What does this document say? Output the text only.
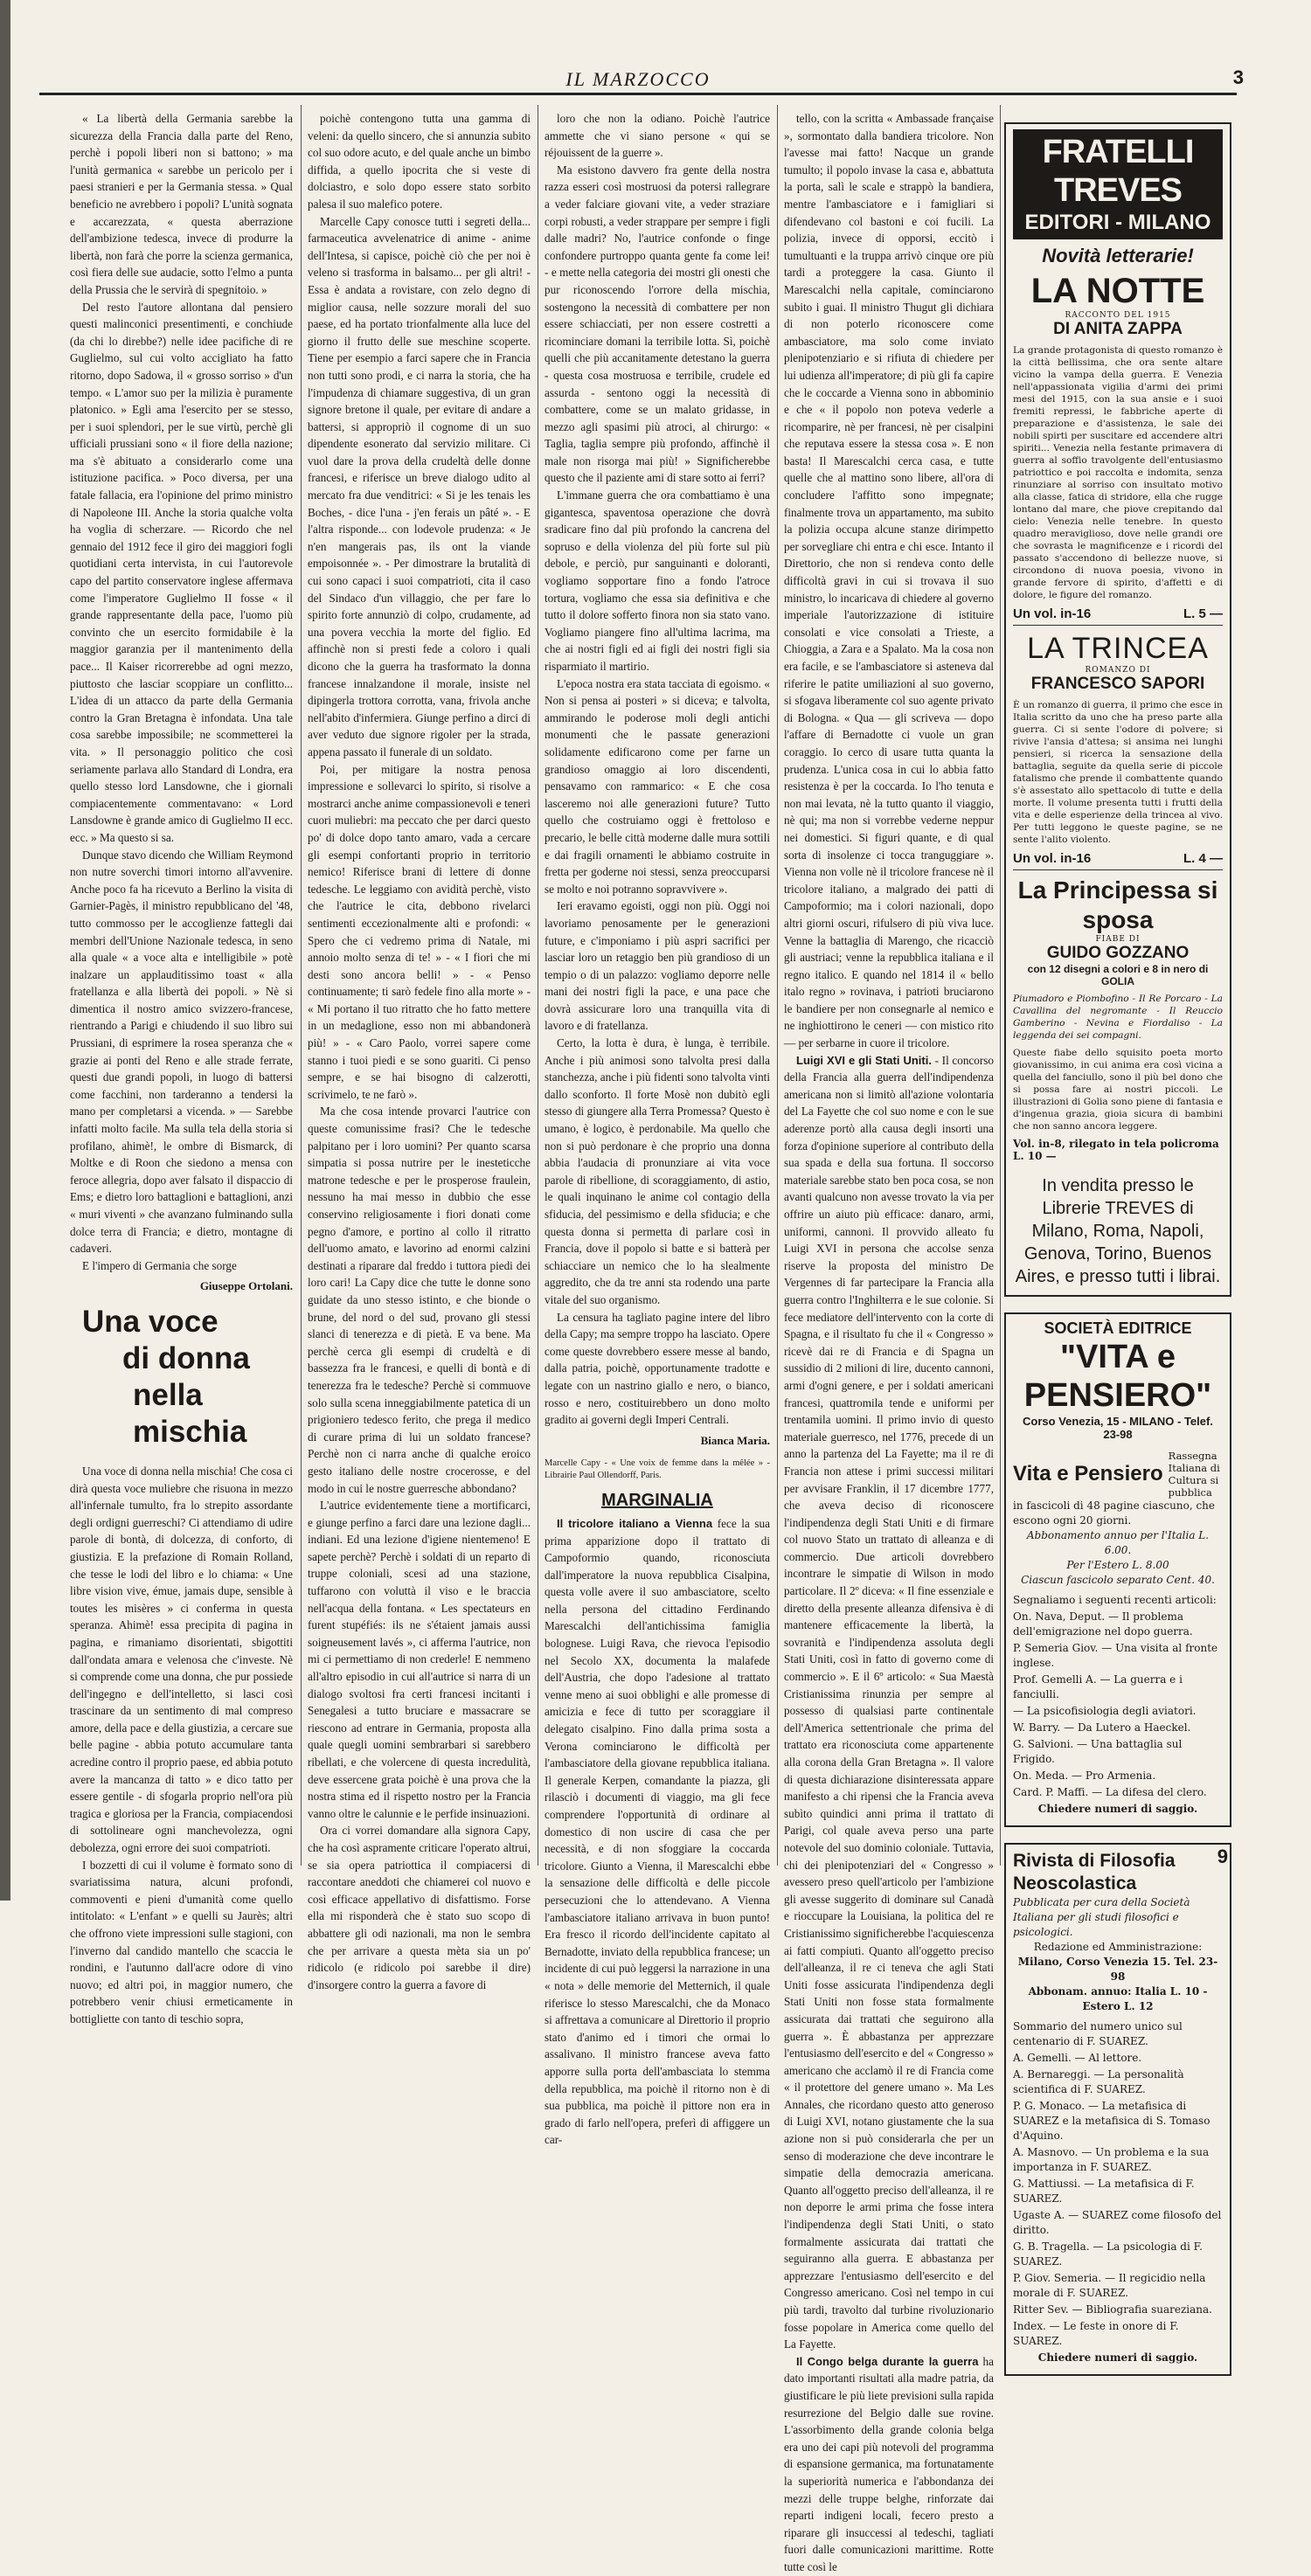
IL MARZOCCO	3

« La libertà della Germania sarebbe la sicurezza della Francia dalla parte del Reno, perchè i popoli liberi non si battono; » ma l'unità germanica « sarebbe un pericolo per i paesi stranieri e per la Germania stessa. » Qual beneficio ne avrebbero i popoli? L'unità sognata e accarezzata, « questa aberrazione dell'ambizione tedesca, invece di produrre la libertà, non farà che porre la scienza germanica, così fiera delle sue audacie, sotto l'elmo a punta della Prussia che le servirà di spegnitoio. »

Del resto l'autore allontana dal pensiero questi malinconici presentimenti, e conchiude (da chi lo direbbe?) nelle idee pacifiche di re Guglielmo, sul cui volto accigliato ha fatto ritorno, dopo Sadowa, il « grosso sorriso » d'un tempo. « L'amor suo per la milizia è puramente platonico. » Egli ama l'esercito per se stesso, per i suoi splendori, per le sue virtù, perchè gli ufficiali prussiani sono « il fiore della nazione; ma s'è abituato a considerarlo come una istituzione pacifica. » Poco diversa, per una fatale fallacia, era l'opinione del primo ministro di Napoleone III. Anche la storia qualche volta ha voglia di scherzare. — Ricordo che nel gennaio del 1912 fece il giro dei maggiori fogli quotidiani certa intervista, in cui l'autorevole capo del partito conservatore inglese affermava come l'imperatore Guglielmo II fosse « il grande rappresentante della pace, l'uomo più convinto che un esercito formidabile è la maggior garanzia per il mantenimento della pace... Il Kaiser ricorrerebbe ad ogni mezzo, piuttosto che lasciar scoppiare un conflitto... L'idea di un attacco da parte della Germania contro la Gran Bretagna è infondata. Una tale cosa sarebbe impossibile; ne scommetterei la vita. » Il personaggio politico che così seriamente parlava allo Standard di Londra, era quello stesso lord Lansdowne, che i giornali compiacentemente commentavano: « Lord Lansdowne è grande amico di Guglielmo II ecc. ecc. » Ma questo si sa.

Dunque stavo dicendo che William Reymond non nutre soverchi timori intorno all'avvenire. Anche poco fa ha ricevuto a Berlino la visita di Garnier-Pagès, il ministro repubblicano del '48, tutto commosso per le accoglienze fattegli dai membri dell'Unione Nazionale tedesca, in seno alla quale « a voce alta e intelligibile » potè inalzare un applauditissimo toast « alla fratellanza e alla libertà dei popoli. » Nè si dimentica il nostro amico svizzero-francese, rientrando a Parigi e chiudendo il suo libro sui Prussiani, di esprimere la rosea speranza che « grazie ai ponti del Reno e alle strade ferrate, questi due grandi popoli, in luogo di battersi come facchini, non tarderanno a tendersi la mano per completarsi a vicenda. » — Sarebbe infatti molto facile. Ma sulla tela della storia si profilano, ahimè!, le ombre di Bismarck, di Moltke e di Roon che siedono a mensa con feroce allegria, dopo aver falsato il dispaccio di Ems; e dietro loro battaglioni e battaglioni, anzi « muri viventi » che avanzano fulminando sulla dolce terra di Francia; e dietro, montagne di cadaveri.

E l'impero di Germania che sorge

Giuseppe Ortolani.
Una voce
di donna
nella mischia

Una voce di donna nella mischia! Che cosa ci dirà questa voce muliebre che risuona in mezzo all'infernale tumulto, fra lo strepito assordante degli ordigni guerreschi? Ci attendiamo di udire parole di bontà, di dolcezza, di conforto, di giustizia. E la prefazione di Romain Rolland, che tesse le lodi del libro e lo chiama: « Une libre vision vive, émue, jamais dupe, sensible à toutes les misères » ci conferma in questa speranza. Ahimè! essa precipita di pagina in pagina, e rimaniamo disorientati, sbigottiti dall'ondata amara e velenosa che c'investe. Nè si comprende come una donna, che pur possiede dell'ingegno e dell'intelletto, si lasci così trascinare da un sentimento di mal compreso amore, della pace e della giustizia, a cercare sue belle pagine - abbia potuto accumulare tanta acredine contro il proprio paese, ed abbia potuto avere la mancanza di tatto » e dico tatto per essere gentile - di sfogarla proprio nell'ora più tragica e gloriosa per la Francia, compiacendosi di sottolineare ogni manchevolezza, ogni debolezza, ogni errore dei suoi compatrioti.

I bozzetti di cui il volume è formato sono di svariatissima natura, alcuni profondi, commoventi e pieni d'umanità come quello intitolato: « L'enfant » e quelli su Jaurès; altri che offrono viete impressioni sulle stagioni, con l'inverno dal candido mantello che scaccia le rondini, e l'autunno dall'acre odore di vino nuovo; ed altri poi, in maggior numero, che potrebbero venir chiusi ermeticamente in bottigliette con tanto di teschio sopra,

poichè contengono tutta una gamma di veleni: da quello sincero, che si annunzia subito col suo odore acuto, e del quale anche un bimbo diffida, a quello ipocrita che si veste di dolciastro, e solo dopo essere stato sorbito palesa il suo malefico potere.

Marcelle Capy conosce tutti i segreti della... farmaceutica avvelenatrice di anime - anime dell'Intesa, si capisce, poichè ciò che per noi è veleno si trasforma in balsamo... per gli altri! - Essa è andata a rovistare, con zelo degno di miglior causa, nelle sozzure morali del suo paese, ed ha portato trionfalmente alla luce del giorno il frutto delle sue meschine scoperte. Tiene per esempio a farci sapere che in Francia non tutti sono prodi, e ci narra la storia, che ha l'impudenza di chiamare suggestiva, di un gran signore bretone il quale, per evitare di andare a battersi, si appropriò il cognome di un suo dipendente esonerato dal servizio militare. Ci vuol dare la prova della crudeltà delle donne francesi, e riferisce un breve dialogo udito al mercato fra due venditrici: « Si je les tenais les Boches, - dice l'una - j'en ferais un pâté ». - E l'altra risponde... con lodevole prudenza: « Je n'en mangerais pas, ils ont la viande empoisonnée ». - Per dimostrare la brutalità di cui sono capaci i suoi compatrioti, cita il caso del Sindaco d'un villaggio, che per fare lo spirito forte annunziò di colpo, crudamente, ad una povera vecchia la morte del figlio. Ed affinchè non si presti fede a coloro i quali dicono che la guerra ha trasformato la donna francese innalzandone il morale, insiste nel dipingerla trottora corrotta, vana, frivola anche nell'abito d'infermiera. Giunge perfino a dirci di aver veduto due signore rigoler per la strada, appena passato il funerale di un soldato.

Poi, per mitigare la nostra penosa impressione e sollevarci lo spirito, si risolve a mostrarci anche anime compassionevoli e teneri cuori muliebri: ma peccato che per darci questo po' di dolce dopo tanto amaro, vada a cercare gli esempi confortanti proprio in territorio nemico! Riferisce brani di lettere di donne tedesche. Le leggiamo con avidità perchè, visto che l'autrice le cita, debbono rivelarci sentimenti eccezionalmente alti e profondi: « Spero che ci vedremo prima di Natale, mi annoio molto senza di te! » - « I fiori che mi desti sono ancora belli! » - « Penso continuamente; ti sarò fedele fino alla morte » - « Mi portano il tuo ritratto che ho fatto mettere in un medaglione, esso non mi abbandonerà più! » - « Caro Paolo, vorrei sapere come stanno i tuoi piedi e se sono guariti. Ci penso sempre, e se hai bisogno di calzerotti, scrivimelo, te ne farò ».

Ma che cosa intende provarci l'autrice con queste comunissime frasi? Che le tedesche palpitano per i loro uomini? Per quanto scarsa simpatia si possa nutrire per le inesteticche matrone tedesche e per le prosperose fraulein, nessuno ha mai messo in dubbio che esse conservino religiosamente i fiori donati come pegno d'amore, e portino al collo il ritratto dell'uomo amato, e lavorino ad enormi calzini destinati a riparare dal freddo i tuttora piedi dei loro cari! La Capy dice che tutte le donne sono guidate da uno stesso istinto, e che bionde o brune, del nord o del sud, provano gli stessi slanci di tenerezza e di pietà. E va bene. Ma perchè cerca gli esempi di crudeltà e di bassezza fra le francesi, e quelli di bontà e di tenerezza fra le tedesche? Perchè si commuove solo sulla scena inneggiabilmente patetica di un prigioniero tedesco ferito, che prega il medico di curare prima di lui un soldato francese? Perchè non ci narra anche di qualche eroico gesto italiano delle nostre crocerosse, e del modo in cui le nostre guerresche abbondano?

L'autrice evidentemente tiene a mortificarci, e giunge perfino a farci dare una lezione dagli... indiani. Ed una lezione d'igiene nientemeno! E sapete perchè? Perchè i soldati di un reparto di truppe coloniali, scesi ad una stazione, tuffarono con voluttà il viso e le braccia nell'acqua della fontana. « Les spectateurs en furent stupéfiés: ils ne s'étaient jamais aussi soigneusement lavés », ci afferma l'autrice, non mi ci permettiamo di non crederle! E nemmeno all'altro episodio in cui all'autrice si narra di un dialogo svoltosi fra certi francesi incitanti i Senegalesi a tutto bruciare e massacrare se riescono ad entrare in Germania, proposta alla quale quegli uomini sembrarbari si sarebbero ribellati, e che volercene di questa incredulità, deve essercene grata poichè è una prova che la nostra stima ed il rispetto nostro per la Francia vanno oltre le calunnie e le perfide insinuazioni.

Ora ci vorrei domandare alla signora Capy, che ha così aspramente criticare l'operato altrui, se sia opera patriottica il compiacersi di raccontare aneddoti che chiamerei col nuovo e così efficace appellativo di disfattismo. Forse ella mi risponderà che è stato suo scopo di abbattere gli odi nazionali, ma non le sembra che per arrivare a questa mèta sia un po' ridicolo (e ridicolo poi sarebbe il dire) d'insorgere contro la guerra a favore di

loro che non la odiano. Poichè l'autrice ammette che vi siano persone « qui se réjouissent de la guerre ».

Ma esistono davvero fra gente della nostra razza esseri così mostruosi da potersi rallegrare a veder falciare giovani vite, a veder straziare corpi robusti, a veder strappare per sempre i figli dalle madri? No, l'autrice confonde o finge confondere purtroppo quanta gente fa come lei! - e mette nella categoria dei mostri gli onesti che pur riconoscendo l'orrore della mischia, sostengono la necessità di combattere per non essere schiacciati, per non essere costretti a ricominciare domani la terribile lotta. Sì, poichè quelli che più accanitamente detestano la guerra - questa cosa mostruosa e terribile, crudele ed assurda - sentono oggi la necessità di combattere, come se un malato gridasse, in mezzo agli spasimi più atroci, al chirurgo: « Taglia, taglia sempre più profondo, affinchè il male non risorga mai più! » Significherebbe questo che il paziente ami di stare sotto ai ferri?

L'immane guerra che ora combattiamo è una gigantesca, spaventosa operazione che dovrà sradicare fino dal più profondo la cancrena del sopruso e della violenza del più forte sul più debole, e perciò, pur sanguinanti e doloranti, vogliamo sopportare fino a fondo l'atroce tortura, vogliamo che essa sia definitiva e che tutto il dolore sofferto finora non sia stato vano. Vogliamo piangere fino all'ultima lacrima, ma che ai nostri figli ed ai figli dei nostri figli sia risparmiato il martirio.

L'epoca nostra era stata tacciata di egoismo. « Non si pensa ai posteri » si diceva; e talvolta, ammirando le poderose moli degli antichi monumenti che le passate generazioni solidamente edificarono come per farne un grandioso omaggio ai loro discendenti, pensavamo con rammarico: « E che cosa lasceremo noi alle generazioni future? Tutto quello che costruiamo oggi è frettoloso e precario, le belle città moderne dalle mura sottili e dai fragili ornamenti le abbiamo costruite in fretta per goderne noi stessi, senza preoccuparsi se molto e noi potranno sopravvivere ».

Ieri eravamo egoisti, oggi non più. Oggi noi lavoriamo penosamente per le generazioni future, e c'imponiamo i più aspri sacrifici per lasciar loro un retaggio ben più grandioso di un tempio o di un palazzo: vogliamo deporre nelle mani dei nostri figli la pace, e una pace che dovrà assicurare loro una tranquilla vita di lavoro e di fratellanza.

Certo, la lotta è dura, è lunga, è terribile. Anche i più animosi sono talvolta presi dalla stanchezza, anche i più fidenti sono talvolta vinti dallo sconforto. Il forte Mosè non dubitò egli stesso di giungere alla Terra Promessa? Questo è umano, è logico, è perdonabile. Ma quello che non si può perdonare è che proprio una donna abbia l'audacia di pronunziare ai vita voce parole di ribellione, di scoraggiamento, di astio, le quali inquinano le anime col contagio della sfiducia, del pessimismo e della sfiducia; e che questa donna si permetta di parlare così in Francia, dove il popolo si batte e si batterà per schiacciare un nemico che lo ha slealmente aggredito, che da tre anni sta rodendo una parte vitale del suo organismo.

La censura ha tagliato pagine intere del libro della Capy; ma sempre troppo ha lasciato. Opere come queste dovrebbero essere messe al bando, dalla patria, poichè, opportunamente tradotte e legate con un nastrino giallo e nero, o bianco, rosso e nero, costituirebbero un dono molto gradito ai governi degli Imperi Centrali.

Bianca Maria.
Marcelle Capy - « Une voix de femme dans la mêlée » - Librairie Paul Ollendorff, Paris.
MARGINALIA

Il tricolore italiano a Vienna fece la sua prima apparizione dopo il trattato di Campoformio quando, riconosciuta dall'imperatore la nuova repubblica Cisalpina, questa volle avere il suo ambasciatore, scelto nella persona del cittadino Ferdinando Marescalchi dell'antichissima famiglia bolognese. Luigi Rava, che rievoca l'episodio nel Secolo XX, documenta la malafede dell'Austria, che dopo l'adesione al trattato venne meno ai suoi obblighi e alle promesse di amicizia e fece di tutto per scoraggiare il delegato cisalpino. Fino dalla prima sosta a Verona cominciarono le difficoltà per l'ambasciatore della giovane repubblica italiana. Il generale Kerpen, comandante la piazza, gli rilasciò i documenti di viaggio, ma gli fece comprendere l'opportunità di ordinare al domestico di non uscire di casa che per necessità, e di non sfoggiare la coccarda tricolore. Giunto a Vienna, il Marescalchi ebbe la sensazione delle difficoltà e delle piccole persecuzioni che lo attendevano. A Vienna l'ambasciatore italiano arrivava in buon punto! Era fresco il ricordo dell'incidente capitato al Bernadotte, inviato della repubblica francese; un incidente di cui può leggersi la narrazione in una « nota » delle memorie del Metternich, il quale riferisce lo stesso Marescalchi, che da Monaco si affrettava a comunicare al Direttorio il proprio stato d'animo ed i timori che ormai lo assalivano. Il ministro francese aveva fatto apporre sulla porta dell'ambasciata lo stemma della repubblica, ma poichè il ritorno non è di sua pubblica, ma poichè il pittore non era in grado di farlo nell'opera, preferì di affiggere un car-

tello, con la scritta « Ambassade française », sormontato dalla bandiera tricolore. Non l'avesse mai fatto! Nacque un grande tumulto; il popolo invase la casa e, abbattuta la porta, salì le scale e strappò la bandiera, mentre l'ambasciatore e i famigliari si difendevano col bastoni e coi fucili. La polizia, invece di opporsi, eccitò i tumultuanti e la truppa arrivò cinque ore più tardi a proteggere la casa. Giunto il Marescalchi nella capitale, cominciarono subito i guai. Il ministro Thugut gli dichiara di non poterlo riconoscere come ambasciatore, ma solo come inviato plenipotenziario e si rifiuta di chiedere per lui udienza all'imperatore; di più gli fa capire che le coccarde a Vienna sono in abbominio e che « il popolo non poteva vederle a ricomparire, nè per francesi, nè per cisalpini che reputava essere la stessa cosa ». E non basta! Il Marescalchi cerca casa, e tutte quelle che al mattino sono libere, all'ora di concludere l'affitto sono impegnate; finalmente trova un appartamento, ma subito la polizia occupa alcune stanze dirimpetto per sorvegliare chi entra e chi esce. Intanto il Direttorio, che non si rendeva conto delle difficoltà gravi in cui si trovava il suo ministro, lo incaricava di chiedere al governo imperiale l'autorizzazione di istituire consolati e vice consolati a Trieste, a Chioggia, a Zara e a Spalato. Ma la cosa non era facile, e se l'ambasciatore si asteneva dal riferire le patite umiliazioni al suo governo, si sfogava liberamente col suo agente privato di Bologna. « Qua — gli scriveva — dopo l'affare di Bernadotte ci vuole un gran coraggio. Io cerco di usare tutta quanta la prudenza. L'unica cosa in cui lo abbia fatto resistenza è per la coccarda. Io l'ho tenuta e non mai levata, nè la tutto quanto il viaggio, nè qui; ma non si vorrebbe vederne neppur nei domestici. Si figuri quante, e di qual sorta di insolenze ci tocca tranguggiare ». Vienna non volle nè il tricolore francese nè il tricolore italiano, a malgrado dei patti di Campoformio; ma i colori nazionali, dopo altri giorni oscuri, rifulsero di più viva luce. Venne la battaglia di Marengo, che ricacciò gli austriaci; venne la repubblica italiana e il regno italico. E quando nel 1814 il « bello italo regno » rovinava, i patrioti bruciarono le bandiere per non consegnarle al nemico e ne inghiottirono le ceneri — con mistico rito — per serbarne in cuore il tricolore.

Luigi XVI e gli Stati Uniti. - Il concorso della Francia alla guerra dell'indipendenza americana non si limitò all'azione volontaria del La Fayette che col suo nome e con le sue aderenze portò alla causa degli insorti una forza d'opinione superiore al contributo della sua spada e della sua fortuna. Il soccorso materiale sarebbe stato ben poca cosa, se non avanti qualcuno non avesse trovato la via per offrire un aiuto più efficace: danaro, armi, uniformi, cannoni. Il provvido alleato fu Luigi XVI in persona che accolse senza riserve la proposta del ministro De Vergennes di far partecipare la Francia alla guerra contro l'Inghilterra e le sue colonie. Si fece mediatore dell'intervento con la corte di Spagna, e il risultato fu che il « Congresso » ricevè dai re di Francia e di Spagna un sussidio di 2 milioni di lire, ducento cannoni, armi d'ogni genere, e per i soldati americani francesi, quattromila tende e uniformi per trentamila uomini. Il primo invio di questo materiale guerresco, nel 1776, precede di un anno la partenza del La Fayette; ma il re di Francia non attese i primi successi militari per avvisare Franklin, il 17 dicembre 1777, che aveva deciso di riconoscere l'indipendenza degli Stati Uniti e di firmare col nuovo Stato un trattato di alleanza e di commercio. Due articoli dovrebbero incontrare le simpatie di Wilson in modo particolare. Il 2º diceva: « Il fine essenziale e diretto della presente alleanza difensiva è di mantenere efficacemente la libertà, la sovranità e l'indipendenza assoluta degli Stati Uniti, così in fatto di governo come di commercio ». E il 6º articolo: « Sua Maestà Cristianissima rinunzia per sempre al possesso di qualsiasi parte continentale dell'America settentrionale che prima del trattato era riconosciuta come appartenente alla corona della Gran Bretagna ». Il valore di questa dichiarazione disinteressata appare manifesto a chi ripensi che la Francia aveva subìto quindici anni prima il trattato di Parigi, col quale aveva perso una parte notevole del suo dominio coloniale. Tuttavia, chi dei plenipotenziari del « Congresso » avessero preso quell'articolo per l'ambizione gli avesse suggerito di dominare sul Canadà e rioccupare la Louisiana, la politica del re Cristianissimo significherebbe l'acquiescenza ai fatti compiuti. Quanto all'oggetto preciso dell'alleanza, il re ci teneva che agli Stati Uniti fosse assicurata l'indipendenza degli Stati Uniti non fosse stata formalmente assicurata dai trattati che seguirono alla guerra ». È abbastanza per apprezzare l'entusiasmo dell'esercito e del « Congresso » americano che acclamò il re di Francia come « il protettore del genere umano ». Ma Les Annales, che ricordano questo atto generoso di Luigi XVI, notano giustamente che la sua azione non si può considerarla che per un senso di moderazione che deve incontrare le simpatie della democrazia americana. Quanto all'oggetto preciso dell'alleanza, il re non deporre le armi prima che fosse intera l'indipendenza degli Stati Uniti, o stato formalmente assicurata dai trattati che seguiranno alla guerra. E abbastanza per apprezzare l'entusiasmo dell'esercito e del Congresso americano. Così nel tempo in cui più tardi, travolto dal turbine rivoluzionario fosse popolare in America come quello del La Fayette.

Il Congo belga durante la guerra ha dato importanti risultati alla madre patria, da giustificare le più liete previsioni sulla rapida resurrezione del Belgio dalle sue rovine. L'assorbimento della grande colonia belga era uno dei capi più notevoli del programma di espansione germanica, ma fortunatamente la superiorità numerica e l'abbondanza dei mezzi delle truppe belghe, rinforzate dai reparti indigeni locali, fecero presto a riparare gli insuccessi al tedeschi, tagliati fuori dalle comunicazioni marittime. Rotte tutte così le

FRATELLI TREVES
EDITORI - MILANO
Novità letterarie!
LA NOTTE
RACCONTO DEL 1915
DI ANITA ZAPPA
La grande protagonista di questo romanzo è la città bellissima, che ora sente altare vicino la vampa della guerra. E Venezia nell'appassionata vigilia d'armi dei primi mesi del 1915, con la sua ansie e i suoi fremiti repressi, le fabbriche aperte di preparazione e d'assistenza, le sale dei nobili spirti per suscitare ed accendere altri spiriti... Venezia nella festante primavera di guerra al soffio travolgente dell'entusiasmo patriottico e poi raccolta e indomita, senza rinunziare al sorriso con insultato motivo alla classe, fatica di stridore, ella che rugge lontano dal mare, che piove crepitando dal cielo: Venezia nelle tenebre. In questo quadro meraviglioso, dove nelle grandi ore che sovrasta le magnificenze e i ricordi del passato s'accendono di bellezze nuove, si circondono di nuova poesia, vivono in grande fervore di spirito, d'affetti e di dolore, le figure del romanzo.
Un vol. in-16	L. 5 —
LA TRINCEA
ROMANZO DI
FRANCESCO SAPORI
È un romanzo di guerra, il primo che esce in Italia scritto da uno che ha preso parte alla guerra. Ci si sente l'odore di polvere; si rivive l'ansia d'attesa; si ansima nei lunghi pensieri, si ricerca la sensazione della battaglia, seguite da quella serie di piccole fatalismo che prende il combattente quando s'è assestato allo spettacolo di tutte e della morte. Il volume presenta tutti i frutti della vita e delle esperienze della trincea al vivo. Per tutti leggono le queste pagine, se ne sente l'alito violento.
Un vol. in-16	L. 4 —
La Principessa si sposa
FIABE DI
GUIDO GOZZANO
con 12 disegni a colori e 8 in nero di GOLIA
Piumadoro e Piombofino - Il Re Porcaro - La Cavallina del negromante - Il Reuccio Gamberino - Nevina e Fiordaliso - La leggenda dei sei compagni.
Queste fiabe dello squisito poeta morto giovanissimo, in cui anima era così vicina a quella del fanciullo, sono il più bel dono che si possa fare ai nostri piccoli. Le illustrazioni di Golia sono piene di fantasia e d'ingenua grazia, gioia sicura di bambini che non sanno ancora leggere.
Vol. in-8, rilegato in tela policroma L. 10 —
In vendita presso le Librerie TREVES di Milano, Roma, Napoli, Genova, Torino, Buenos Aires, e presso tutti i librai.
SOCIETÀ EDITRICE
"VITA e PENSIERO"
Corso Venezia, 15 - MILANO - Telef. 23-98
Vita e Pensiero
Rassegna Italiana di Cultura si pubblica
in fascicoli di 48 pagine ciascuno, che escono ogni 20 giorni.
Abbonamento annuo per l'Italia L. 6.00.
Per l'Estero L. 8.00
Ciascun fascicolo separato Cent. 40.
Segnaliamo i seguenti recenti articoli:
On. Nava, Deput. — Il problema dell'emigrazione nel dopo guerra.
P. Semeria Giov. — Una visita al fronte inglese.
Prof. Gemelli A. — La guerra e i fanciulli.
— La psicofisiologia degli aviatori.
W. Barry. — Da Lutero a Haeckel.
G. Salvioni. — Una battaglia sul Frigido.
On. Meda. — Pro Armenia.
Card. P. Maffi. — La difesa del clero.
Chiedere numeri di saggio.
Rivista di Filosofia Neoscolastica
Pubblicata per cura della Società Italiana per gli studi filosofici e psicologici.
Redazione ed Amministrazione:
Milano, Corso Venezia 15. Tel. 23-98
Abbonam. annuo: Italia L. 10 - Estero L. 12
Sommario del numero unico sul centenario di F. SUAREZ.
A. Gemelli. — Al lettore.
A. Bernareggi. — La personalità scientifica di F. SUAREZ.
P. G. Monaco. — La metafisica di SUAREZ e la metafisica di S. Tomaso d'Aquino.
A. Masnovo. — Un problema e la sua importanza in F. SUAREZ.
G. Mattiussi. — La metafisica di F. SUAREZ.
Ugaste A. — SUAREZ come filosofo del diritto.
G. B. Tragella. — La psicologia di F. SUAREZ.
P. Giov. Semeria. — Il regicidio nella morale di F. SUAREZ.
Ritter Sev. — Bibliografia suareziana.
Index. — Le feste in onore di F. SUAREZ.
Chiedere numeri di saggio.
9
